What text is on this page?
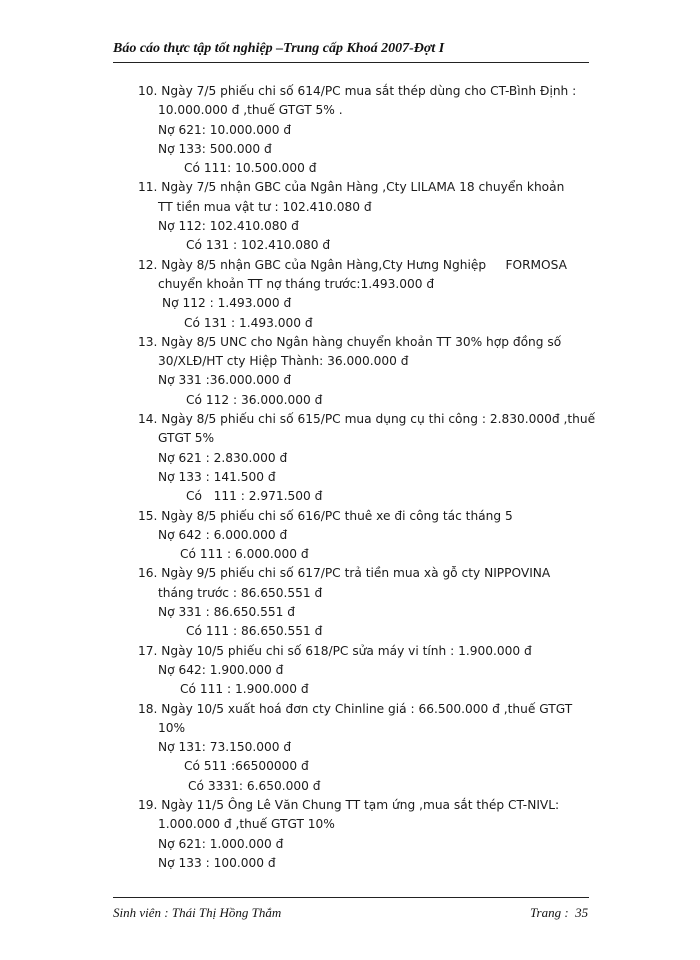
Báo cáo thực tập tốt nghiệp –Trung cấp Khoá 2007-Đợt I
10. Ngày 7/5 phiếu chi số 614/PC mua sắt thép dùng cho CT-Bình Định :
10.000.000 đ ,thuế GTGT 5% .
Nợ 621: 10.000.000 đ
Nợ 133: 500.000 đ
Có 111: 10.500.000 đ
11. Ngày 7/5 nhận GBC của Ngân Hàng ,Cty LILAMA 18 chuyển khoản
TT tiền mua vật tư : 102.410.080 đ
Nợ 112: 102.410.080 đ
Có 131 : 102.410.080 đ
12. Ngày 8/5 nhận GBC của Ngân Hàng,Cty Hưng Nghiệp     FORMOSA
chuyển khoản TT nợ tháng trước:1.493.000 đ
Nợ 112 : 1.493.000 đ
Có 131 : 1.493.000 đ
13. Ngày 8/5 UNC cho Ngân hàng chuyển khoản TT 30% hợp đồng số
30/XLĐ/HT cty Hiệp Thành: 36.000.000 đ
Nợ 331 :36.000.000 đ
Có 112 : 36.000.000 đ
14. Ngày 8/5 phiếu chi số 615/PC mua dụng cụ thi công : 2.830.000đ ,thuế
GTGT 5%
Nợ 621 : 2.830.000 đ
Nợ 133 : 141.500 đ
Có   111 : 2.971.500 đ
15. Ngày 8/5 phiếu chi số 616/PC thuê xe đi công tác tháng 5
Nợ 642 : 6.000.000 đ
Có 111 : 6.000.000 đ
16. Ngày 9/5 phiếu chi số 617/PC trả tiền mua xà gỗ cty NIPPOVINA
tháng trước : 86.650.551 đ
Nợ 331 : 86.650.551 đ
Có 111 : 86.650.551 đ
17. Ngày 10/5 phiếu chi số 618/PC sửa máy vi tính : 1.900.000 đ
Nợ 642: 1.900.000 đ
Có 111 : 1.900.000 đ
18. Ngày 10/5 xuất hoá đơn cty Chinline giá : 66.500.000 đ ,thuế GTGT
10%
Nợ 131: 73.150.000 đ
Có 511 :66500000 đ
Có 3331: 6.650.000 đ
19. Ngày 11/5 Ông Lê Văn Chung TT tạm ứng ,mua sắt thép CT-NIVL:
1.000.000 đ ,thuế GTGT 10%
Nợ 621: 1.000.000 đ
Nợ 133 : 100.000 đ
Sinh viên : Thái Thị Hồng Thắm	Trang :  35
